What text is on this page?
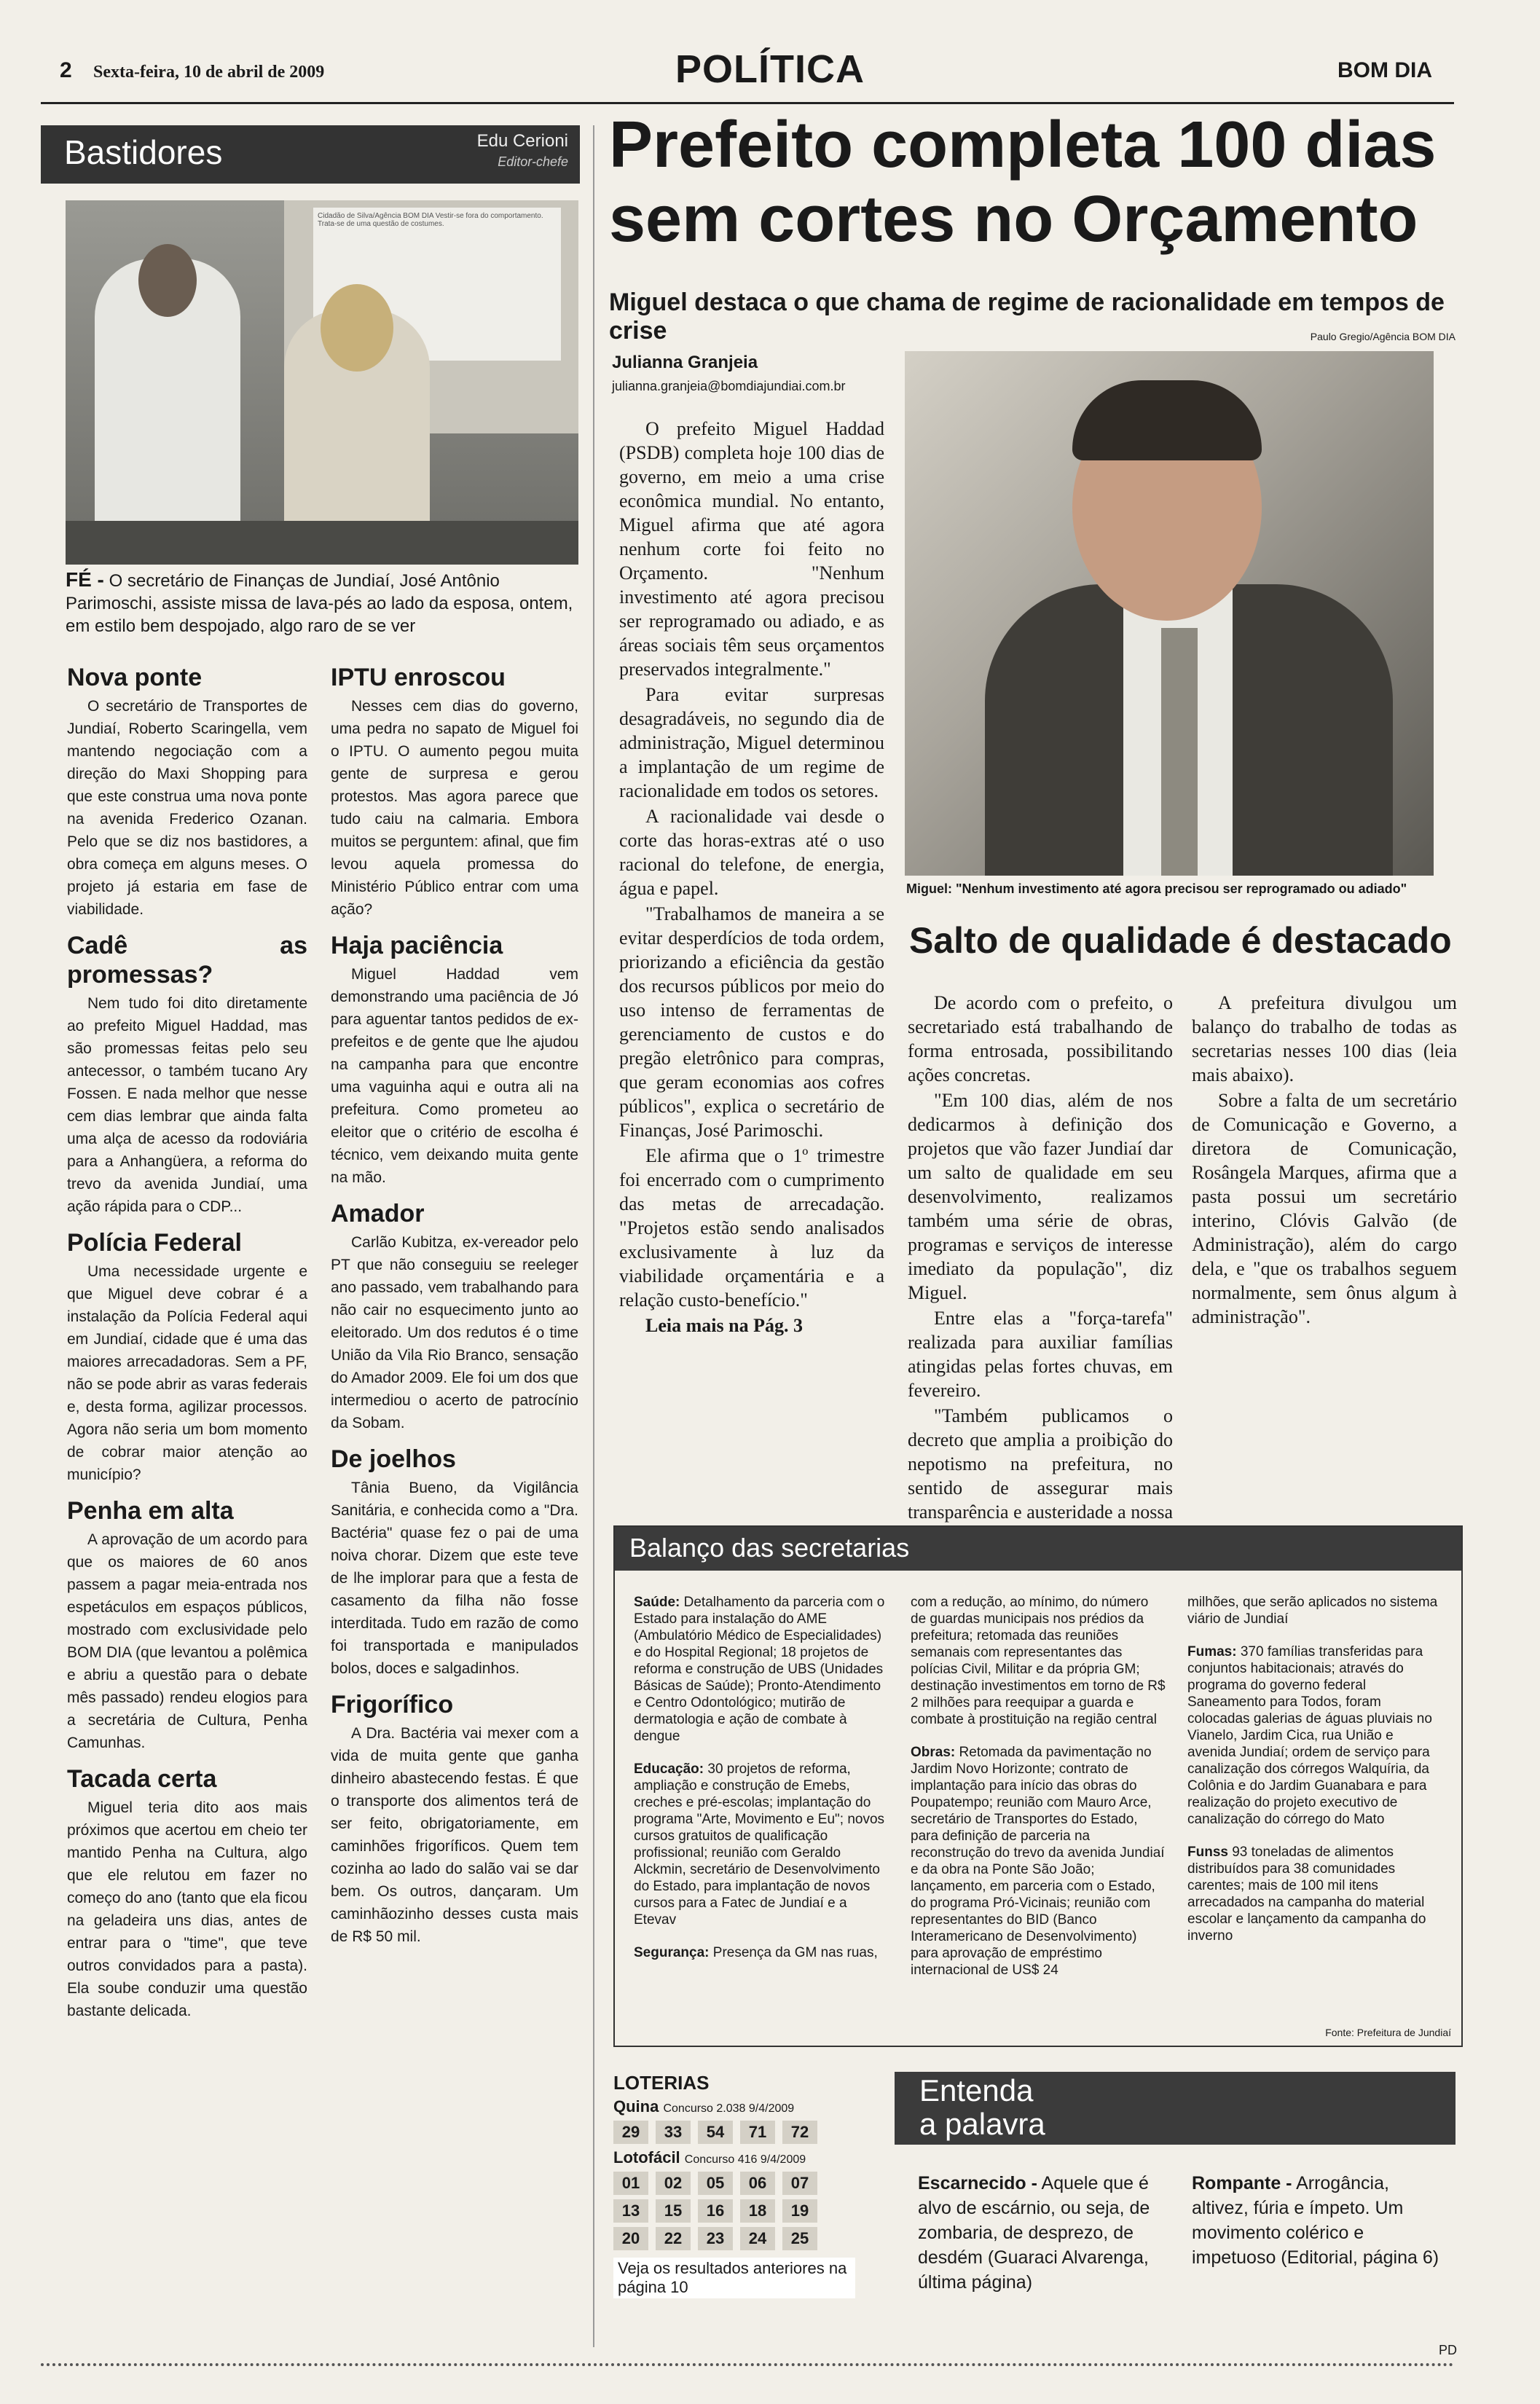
2 Sexta-feira, 10 de abril de 2009	POLÍTICA	BOM DIA
Bastidores	Edu Cerioni
Editor-chefe
Cidadão de Silva/Agência BOM DIA Vestir-se fora do comportamento. Trata-se de uma questão de costumes.
FÉ - O secretário de Finanças de Jundiaí, José Antônio Parimoschi, assiste missa de lava-pés ao lado da esposa, ontem, em estilo bem despojado, algo raro de se ver
Nova ponte

O secretário de Transportes de Jundiaí, Roberto Scaringella, vem mantendo negociação com a direção do Maxi Shopping para que este construa uma nova ponte na avenida Frederico Ozanan. Pelo que se diz nos bastidores, a obra começa em alguns meses. O projeto já estaria em fase de viabilidade.

Cadê as promessas?

Nem tudo foi dito diretamente ao prefeito Miguel Haddad, mas são promessas feitas pelo seu antecessor, o também tucano Ary Fossen. E nada melhor que nesse cem dias lembrar que ainda falta uma alça de acesso da rodoviária para a Anhangüera, a reforma do trevo da avenida Jundiaí, uma ação rápida para o CDP...

Polícia Federal

Uma necessidade urgente e que Miguel deve cobrar é a instalação da Polícia Federal aqui em Jundiaí, cidade que é uma das maiores arrecadadoras. Sem a PF, não se pode abrir as varas federais e, desta forma, agilizar processos. Agora não seria um bom momento de cobrar maior atenção ao município?

Penha em alta

A aprovação de um acordo para que os maiores de 60 anos passem a pagar meia-entrada nos espetáculos em espaços públicos, mostrado com exclusividade pelo BOM DIA (que levantou a polêmica e abriu a questão para o debate mês passado) rendeu elogios para a secretária de Cultura, Penha Camunhas.

Tacada certa

Miguel teria dito aos mais próximos que acertou em cheio ter mantido Penha na Cultura, algo que ele relutou em fazer no começo do ano (tanto que ela ficou na geladeira uns dias, antes de entrar para o "time", que teve outros convidados para a pasta). Ela soube conduzir uma questão bastante delicada.

IPTU enroscou

Nesses cem dias do governo, uma pedra no sapato de Miguel foi o IPTU. O aumento pegou muita gente de surpresa e gerou protestos. Mas agora parece que tudo caiu na calmaria. Embora muitos se perguntem: afinal, que fim levou aquela promessa do Ministério Público entrar com uma ação?

Haja paciência

Miguel Haddad vem demonstrando uma paciência de Jó para aguentar tantos pedidos de ex-prefeitos e de gente que lhe ajudou na campanha para que encontre uma vaguinha aqui e outra ali na prefeitura. Como prometeu ao eleitor que o critério de escolha é técnico, vem deixando muita gente na mão.

Amador

Carlão Kubitza, ex-vereador pelo PT que não conseguiu se reeleger ano passado, vem trabalhando para não cair no esquecimento junto ao eleitorado. Um dos redutos é o time União da Vila Rio Branco, sensação do Amador 2009. Ele foi um dos que intermediou o acerto de patrocínio da Sobam.

De joelhos

Tânia Bueno, da Vigilância Sanitária, e conhecida como a "Dra. Bactéria" quase fez o pai de uma noiva chorar. Dizem que este teve de lhe implorar para que a festa de casamento da filha não fosse interditada. Tudo em razão de como foi transportada e manipulados bolos, doces e salgadinhos.

Frigorífico

A Dra. Bactéria vai mexer com a vida de muita gente que ganha dinheiro abastecendo festas. É que o transporte dos alimentos terá de ser feito, obrigatoriamente, em caminhões frigoríficos. Quem tem cozinha ao lado do salão vai se dar bem. Os outros, dançaram. Um caminhãozinho desses custa mais de R$ 50 mil.

Prefeito completa 100 dias sem cortes no Orçamento
Miguel destaca o que chama de regime de racionalidade em tempos de crise	Paulo Gregio/Agência BOM DIA
Julianna Granjeia
julianna.granjeia@bomdiajundiai.com.br

O prefeito Miguel Haddad (PSDB) completa hoje 100 dias de governo, em meio a uma crise econômica mundial. No entanto, Miguel afirma que até agora nenhum corte foi feito no Orçamento. "Nenhum investimento até agora precisou ser reprogramado ou adiado, e as áreas sociais têm seus orçamentos preservados integralmente."

Para evitar surpresas desagradáveis, no segundo dia de administração, Miguel determinou a implantação de um regime de racionalidade em todos os setores.

A racionalidade vai desde o corte das horas-extras até o uso racional do telefone, de energia, água e papel.

"Trabalhamos de maneira a se evitar desperdícios de toda ordem, priorizando a eficiência da gestão dos recursos públicos por meio do uso intenso de ferramentas de gerenciamento de custos e do pregão eletrônico para compras, que geram economias aos cofres públicos", explica o secretário de Finanças, José Parimoschi.

Ele afirma que o 1º trimestre foi encerrado com o cumprimento das metas de arrecadação. "Projetos estão sendo analisados exclusivamente à luz da viabilidade orçamentária e a relação custo-benefício."

Leia mais na Pág. 3
Miguel: "Nenhum investimento até agora precisou ser reprogramado ou adiado"
Salto de qualidade é destacado

De acordo com o prefeito, o secretariado está trabalhando de forma entrosada, possibilitando ações concretas.

"Em 100 dias, além de nos dedicarmos à definição dos projetos que vão fazer Jundiaí dar um salto de qualidade em seu desenvolvimento, realizamos também uma série de obras, programas e serviços de interesse imediato da população", diz Miguel.

Entre elas a "força-tarefa" realizada para auxiliar famílias atingidas pelas fortes chuvas, em fevereiro.

"Também publicamos o decreto que amplia a proibição do nepotismo na prefeitura, no sentido de assegurar mais transparência e austeridade a nossa

A prefeitura divulgou um balanço do trabalho de todas as secretarias nesses 100 dias (leia mais abaixo).

Sobre a falta de um secretário de Comunicação e Governo, a diretora de Comunicação, Rosângela Marques, afirma que a pasta possui um secretário interino, Clóvis Galvão (de Administração), além do cargo dela, e "que os trabalhos seguem normalmente, sem ônus algum à administração".

Balanço das secretarias

Saúde: Detalhamento da parceria com o Estado para instalação do AME (Ambulatório Médico de Especialidades) e do Hospital Regional; 18 projetos de reforma e construção de UBS (Unidades Básicas de Saúde); Pronto-Atendimento e Centro Odontológico; mutirão de dermatologia e ação de combate à dengue

Educação: 30 projetos de reforma, ampliação e construção de Emebs, creches e pré-escolas; implantação do programa "Arte, Movimento e Eu"; novos cursos gratuitos de qualificação profissional; reunião com Geraldo Alckmin, secretário de Desenvolvimento do Estado, para implantação de novos cursos para a Fatec de Jundiaí e a Etevav

Segurança: Presença da GM nas ruas,

com a redução, ao mínimo, do número de guardas municipais nos prédios da prefeitura; retomada das reuniões semanais com representantes das polícias Civil, Militar e da própria GM; destinação investimentos em torno de R$ 2 milhões para reequipar a guarda e combate à prostituição na região central

Obras: Retomada da pavimentação no Jardim Novo Horizonte; contrato de implantação para início das obras do Poupatempo; reunião com Mauro Arce, secretário de Transportes do Estado, para definição de parceria na reconstrução do trevo da avenida Jundiaí e da obra na Ponte São João; lançamento, em parceria com o Estado, do programa Pró-Vicinais; reunião com representantes do BID (Banco Interamericano de Desenvolvimento) para aprovação de empréstimo internacional de US$ 24

milhões, que serão aplicados no sistema viário de Jundiaí

Fumas: 370 famílias transferidas para conjuntos habitacionais; através do programa do governo federal Saneamento para Todos, foram colocadas galerias de águas pluviais no Vianelo, Jardim Cica, rua União e avenida Jundiaí; ordem de serviço para canalização dos córregos Walquíria, da Colônia e do Jardim Guanabara e para realização do projeto executivo de canalização do córrego do Mato

Funss 93 toneladas de alimentos distribuídos para 38 comunidades carentes; mais de 100 mil itens arrecadados na campanha do material escolar e lançamento da campanha do inverno

Fonte: Prefeitura de Jundiaí
LOTERIAS
Quina Concurso 2.038 9/4/2009
29	33	54	71	72
Lotofácil Concurso 416 9/4/2009
01	02	05	06	07
13	15	16	18	19
20	22	23	24	25
Veja os resultados anteriores na página 10
Entenda
a palavra
Escarnecido - Aquele que é alvo de escárnio, ou seja, de zombaria, de desprezo, de desdém (Guaraci Alvarenga, última página)
Rompante - Arrogância, altivez, fúria e ímpeto. Um movimento colérico e impetuoso (Editorial, página 6)
PD
